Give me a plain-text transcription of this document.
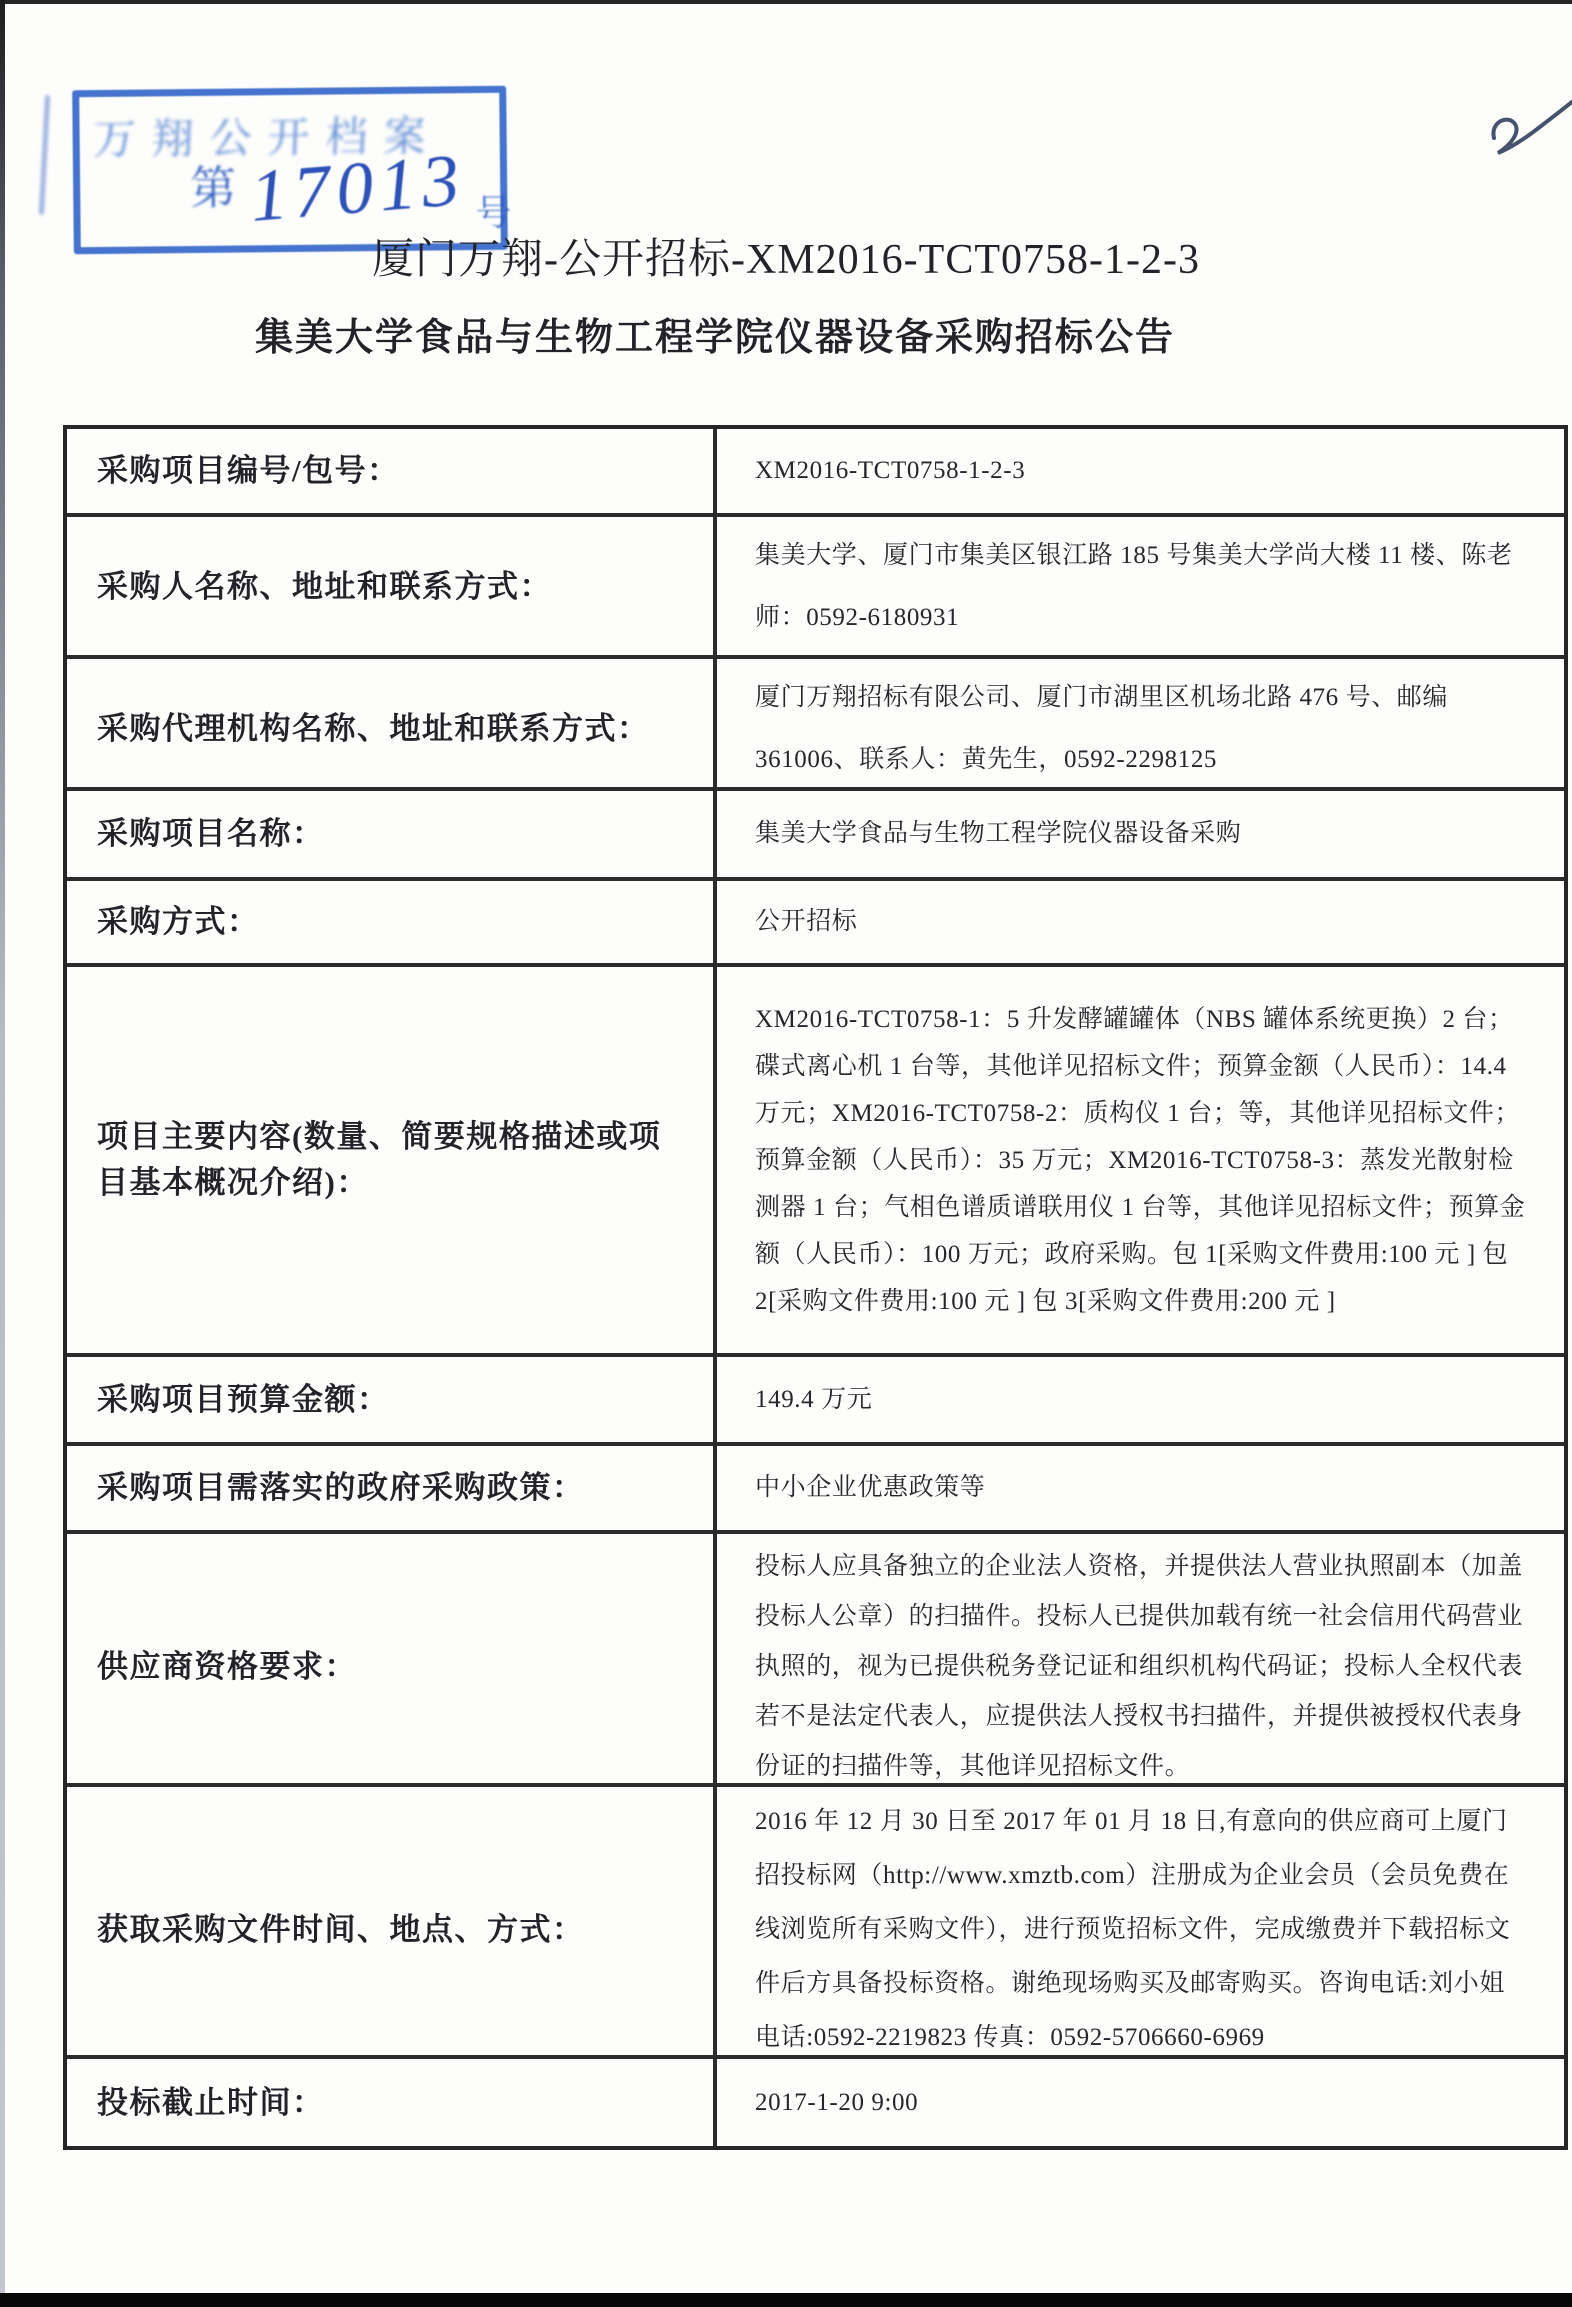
万翔公开档案
第 17013 号
厦门万翔-公开招标-XM2016-TCT0758-1-2-3
集美大学食品与生物工程学院仪器设备采购招标公告
采购项目编号/包号：	XM2016-TCT0758-1-2-3
采购人名称、地址和联系方式：
集美大学、厦门市集美区银江路 185 号集美大学尚大楼 11 楼、陈老师：0592-6180931
采购代理机构名称、地址和联系方式：
厦门万翔招标有限公司、厦门市湖里区机场北路 476 号、邮编 361006、联系人：黄先生，0592-2298125
采购项目名称：	集美大学食品与生物工程学院仪器设备采购
采购方式：	公开招标
项目主要内容(数量、简要规格描述或项目基本概况介绍)：
XM2016-TCT0758-1：5 升发酵罐罐体（NBS 罐体系统更换）2 台；碟式离心机 1 台等，其他详见招标文件；预算金额（人民币）：14.4 万元；XM2016-TCT0758-2：质构仪 1 台；等，其他详见招标文件；预算金额（人民币）：35 万元；XM2016-TCT0758-3：蒸发光散射检测器 1 台；气相色谱质谱联用仪 1 台等，其他详见招标文件；预算金额（人民币）：100 万元；政府采购。包 1[采购文件费用:100 元 ] 包 2[采购文件费用:100 元 ] 包 3[采购文件费用:200 元 ]
采购项目预算金额：	149.4 万元
采购项目需落实的政府采购政策：	中小企业优惠政策等
供应商资格要求：
投标人应具备独立的企业法人资格，并提供法人营业执照副本（加盖投标人公章）的扫描件。投标人已提供加载有统一社会信用代码营业执照的，视为已提供税务登记证和组织机构代码证；投标人全权代表若不是法定代表人，应提供法人授权书扫描件，并提供被授权代表身份证的扫描件等，其他详见招标文件。
获取采购文件时间、地点、方式：
2016 年 12 月 30 日至 2017 年 01 月 18 日,有意向的供应商可上厦门招投标网（http://www.xmztb.com）注册成为企业会员（会员免费在线浏览所有采购文件），进行预览招标文件，完成缴费并下载招标文件后方具备投标资格。谢绝现场购买及邮寄购买。咨询电话:刘小姐 电话:0592-2219823 传真：0592-5706660-6969
投标截止时间：	2017-1-20 9:00
